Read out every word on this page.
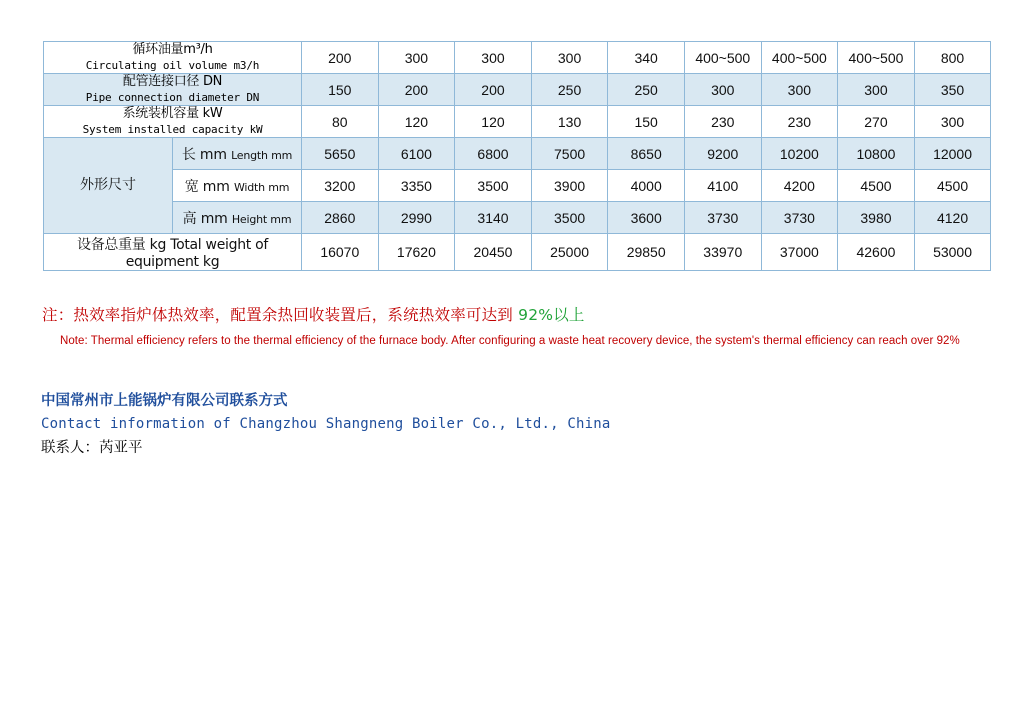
循环油量m³/h
Circulating oil volume m3/h		200	300	300	300	340	400~500	400~500	400~500	800

配管连接口径 DN
Pipe connection diameter DN		150	200	200	250	250	300	300	300	350

系统装机容量 kW
System installed capacity kW		80	120	120	130	150	230	230	270	300
外形尺寸	长 mm Length mm	5650	6100	6800	7500	8650	9200	10200	10800	12000
	宽 mm Width mm	3200	3350	3500	3900	4000	4100	4200	4500	4500
	高 mm Height mm	2860	2990	3140	3500	3600	3730	3730	3980	4120
设备总重量 kg Total weight of equipment kg		16070	17620	20450	25000	29850	33970	37000	42600	53000
注：热效率指炉体热效率，配置余热回收装置后，系统热效率可达到 92%以上
Note: Thermal efficiency refers to the thermal efficiency of the furnace body. After configuring a waste heat recovery device, the system's thermal efficiency can reach over 92%
中国常州市上能锅炉有限公司联系方式
Contact information of Changzhou Shangneng Boiler Co., Ltd., China
联系人：芮亚平
